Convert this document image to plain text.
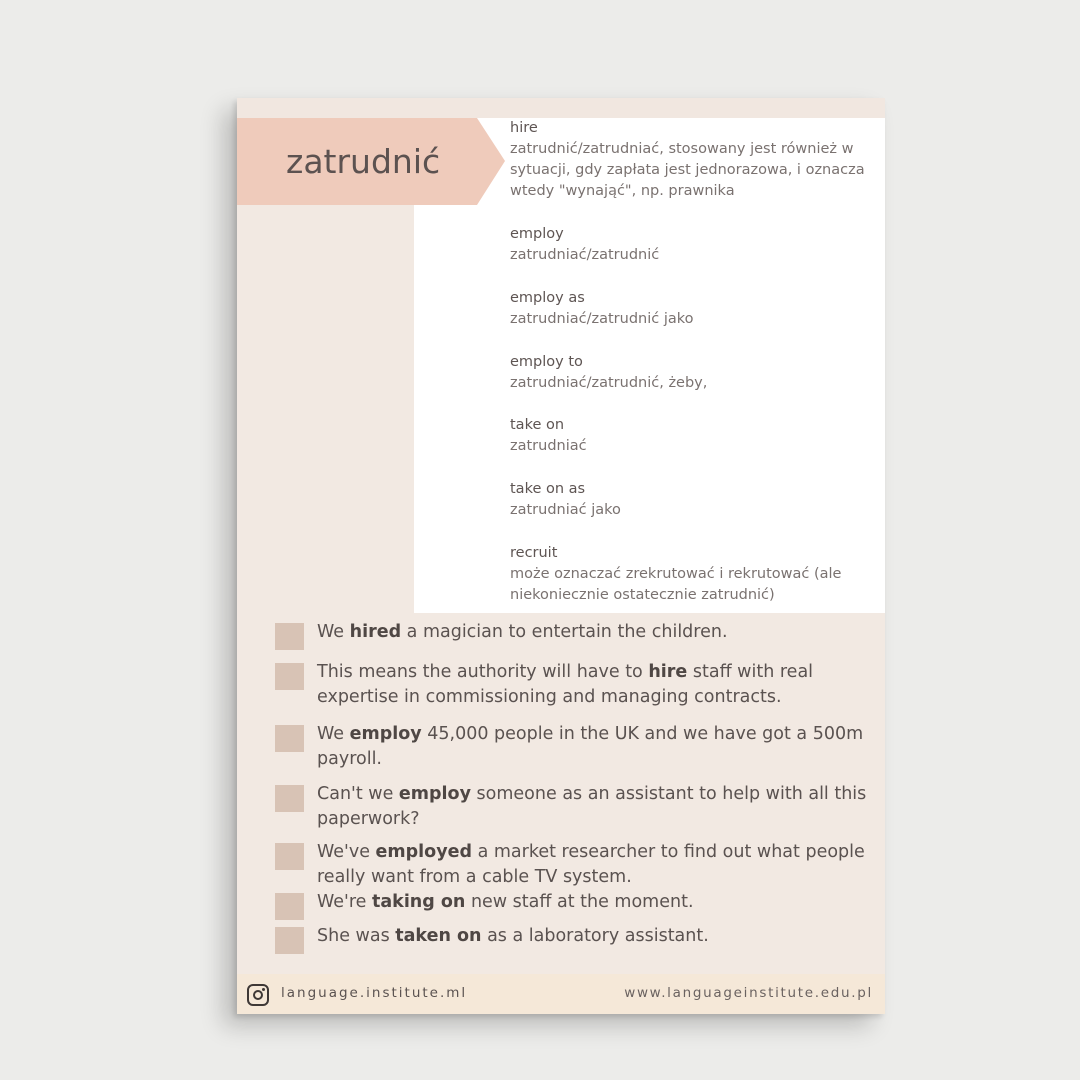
zatrudnić
hire
zatrudnić/zatrudniać, stosowany jest również w sytuacji, gdy zapłata jest jednorazowa, i oznacza wtedy "wynająć", np. prawnika
employ
zatrudniać/zatrudnić
employ as
zatrudniać/zatrudnić jako
employ to
zatrudniać/zatrudnić, żeby,
take on
zatrudniać
take on as
zatrudniać jako
recruit
może oznaczać zrekrutować i rekrutować (ale niekoniecznie ostatecznie zatrudnić)
We hired a magician to entertain the children.
This means the authority will have to hire staff with real expertise in commissioning and managing contracts.
We employ 45,000 people in the UK and we have got a 500m payroll.
Can't we employ someone as an assistant to help with all this paperwork?
We've employed a market researcher to find out what people really want from a cable TV system.
We're taking on new staff at the moment.
She was taken on as a laboratory assistant.
language.institute.ml	www.languageinstitute.edu.pl
